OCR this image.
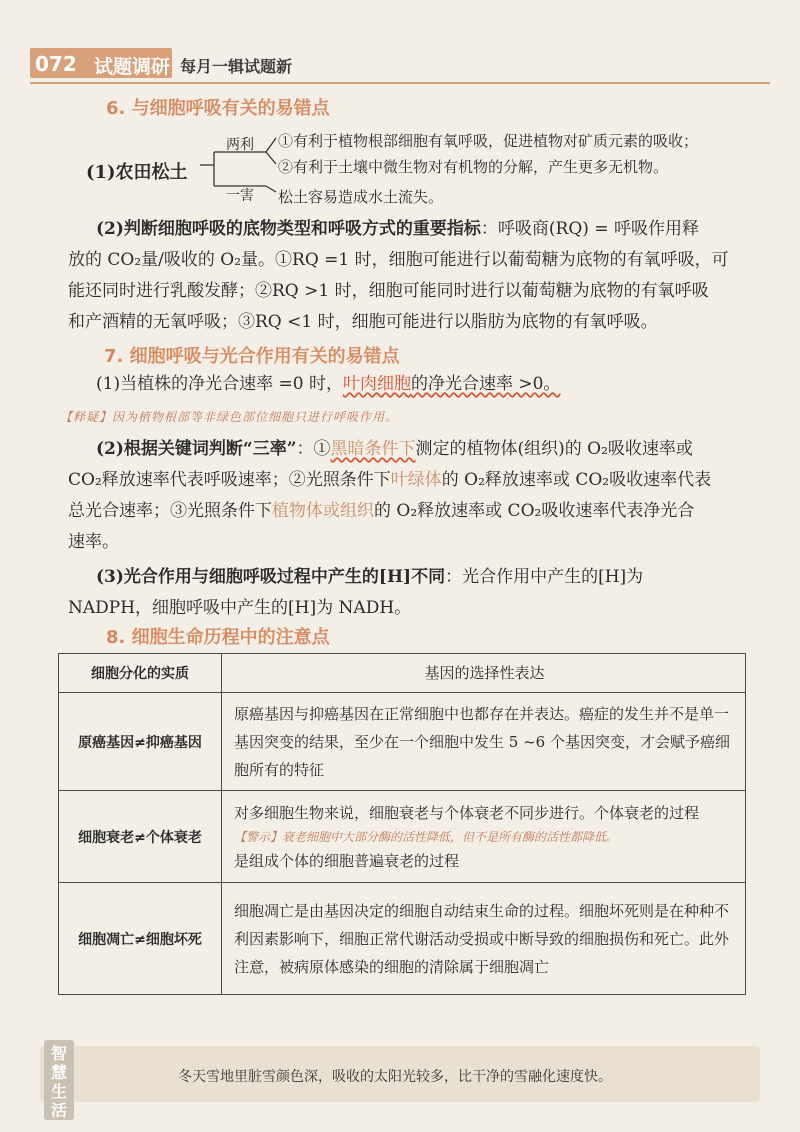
072 试题调研 每月一辑试题新
6. 与细胞呼吸有关的易错点
(1)农田松土
两利
一害
①有利于植物根部细胞有氧呼吸，促进植物对矿质元素的吸收；
②有利于土壤中微生物对有机物的分解，产生更多无机物。
松土容易造成水土流失。
(2)判断细胞呼吸的底物类型和呼吸方式的重要指标：呼吸商(RQ) = 呼吸作用释
放的 CO₂量/吸收的 O₂量。①RQ =1 时，细胞可能进行以葡萄糖为底物的有氧呼吸，可
能还同时进行乳酸发酵；②RQ >1 时，细胞可能同时进行以葡萄糖为底物的有氧呼吸
和产酒精的无氧呼吸；③RQ <1 时，细胞可能进行以脂肪为底物的有氧呼吸。
7. 细胞呼吸与光合作用有关的易错点
(1)当植株的净光合速率 =0 时，叶肉细胞的净光合速率 >0。
【释疑】因为植物根部等非绿色部位细胞只进行呼吸作用。
(2)根据关键词判断“三率”：①黑暗条件下测定的植物体(组织)的 O₂吸收速率或
CO₂释放速率代表呼吸速率；②光照条件下叶绿体的 O₂释放速率或 CO₂吸收速率代表
总光合速率；③光照条件下植物体或组织的 O₂释放速率或 CO₂吸收速率代表净光合
速率。
(3)光合作用与细胞呼吸过程中产生的[H]不同：光合作用中产生的[H]为
NADPH，细胞呼吸中产生的[H]为 NADH。
8. 细胞生命历程中的注意点
细胞分化的实质	基因的选择性表达
原癌基因≠抑癌基因	原癌基因与抑癌基因在正常细胞中也都存在并表达。癌症的发生并不是单一基因突变的结果，至少在一个细胞中发生 5 ~6 个基因突变，才会赋予癌细胞所有的特征
细胞衰老≠个体衰老	对多细胞生物来说，细胞衰老与个体衰老不同步进行。个体衰老的过程
【警示】衰老细胞中大部分酶的活性降低，但不是所有酶的活性都降低。
是组成个体的细胞普遍衰老的过程

细胞凋亡≠细胞坏死	细胞凋亡是由基因决定的细胞自动结束生命的过程。细胞坏死则是在种种不利因素影响下，细胞正常代谢活动受损或中断导致的细胞损伤和死亡。此外注意，被病原体感染的细胞的清除属于细胞凋亡
智慧生活
冬天雪地里脏雪颜色深，吸收的太阳光较多，比干净的雪融化速度快。
